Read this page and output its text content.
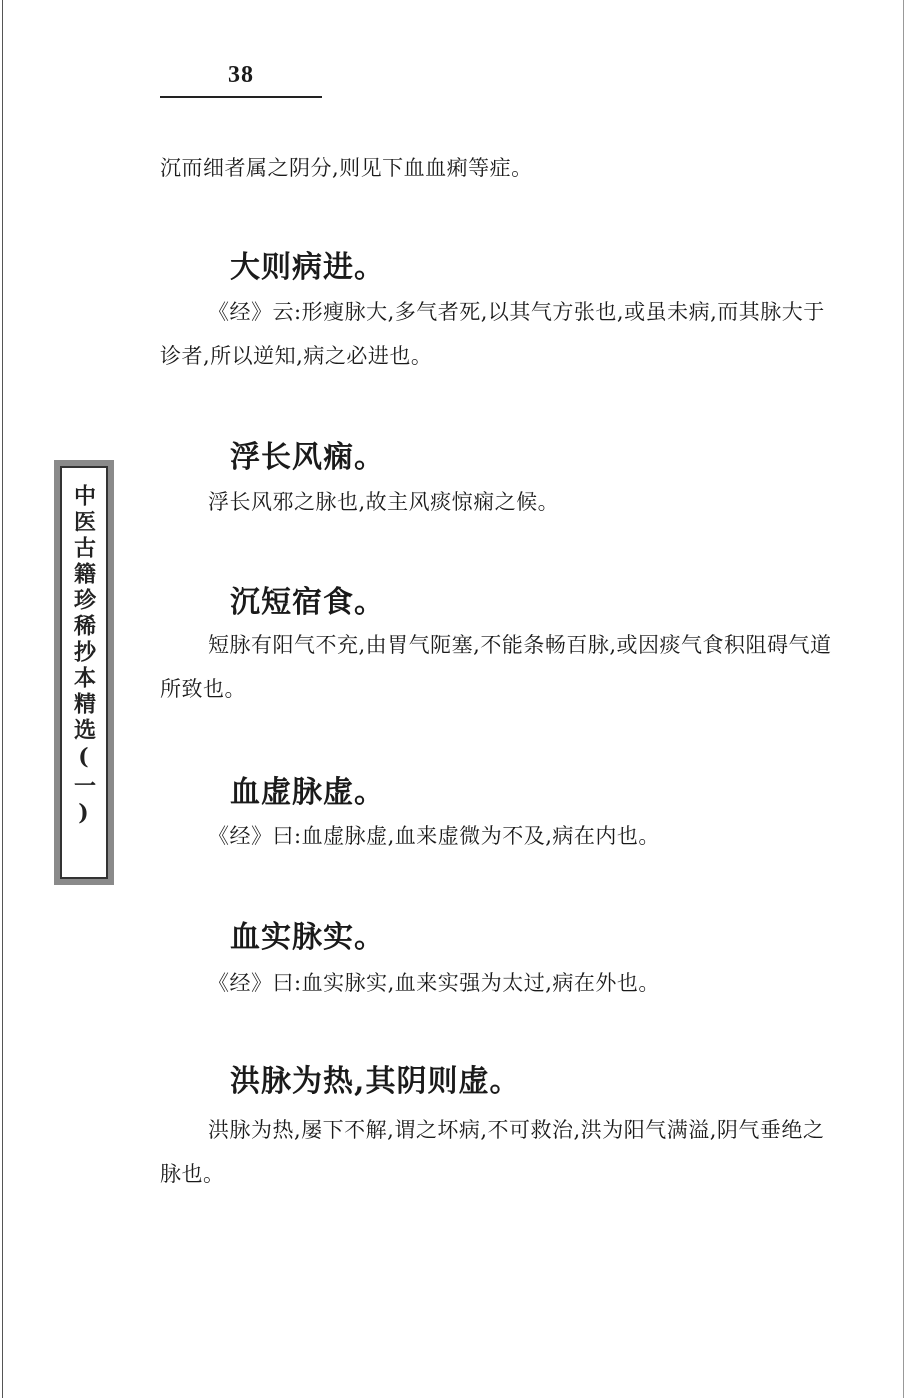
38

沉而细者属之阴分,则见下血血痢等症。

大则病进。

《经》云:形瘦脉大,多气者死,以其气方张也,或虽未病,而其脉大于诊者,所以逆知,病之必进也。

浮长风痫。

浮长风邪之脉也,故主风痰惊痫之候。

沉短宿食。

短脉有阳气不充,由胃气阨塞,不能条畅百脉,或因痰气食积阻碍气道所致也。

血虚脉虚。

《经》曰:血虚脉虚,血来虚微为不及,病在内也。

血实脉实。

《经》曰:血实脉实,血来实强为太过,病在外也。

洪脉为热,其阴则虚。

洪脉为热,屡下不解,谓之坏病,不可救治,洪为阳气满溢,阴气垂绝之脉也。

中医古籍珍稀抄本精选(一)
